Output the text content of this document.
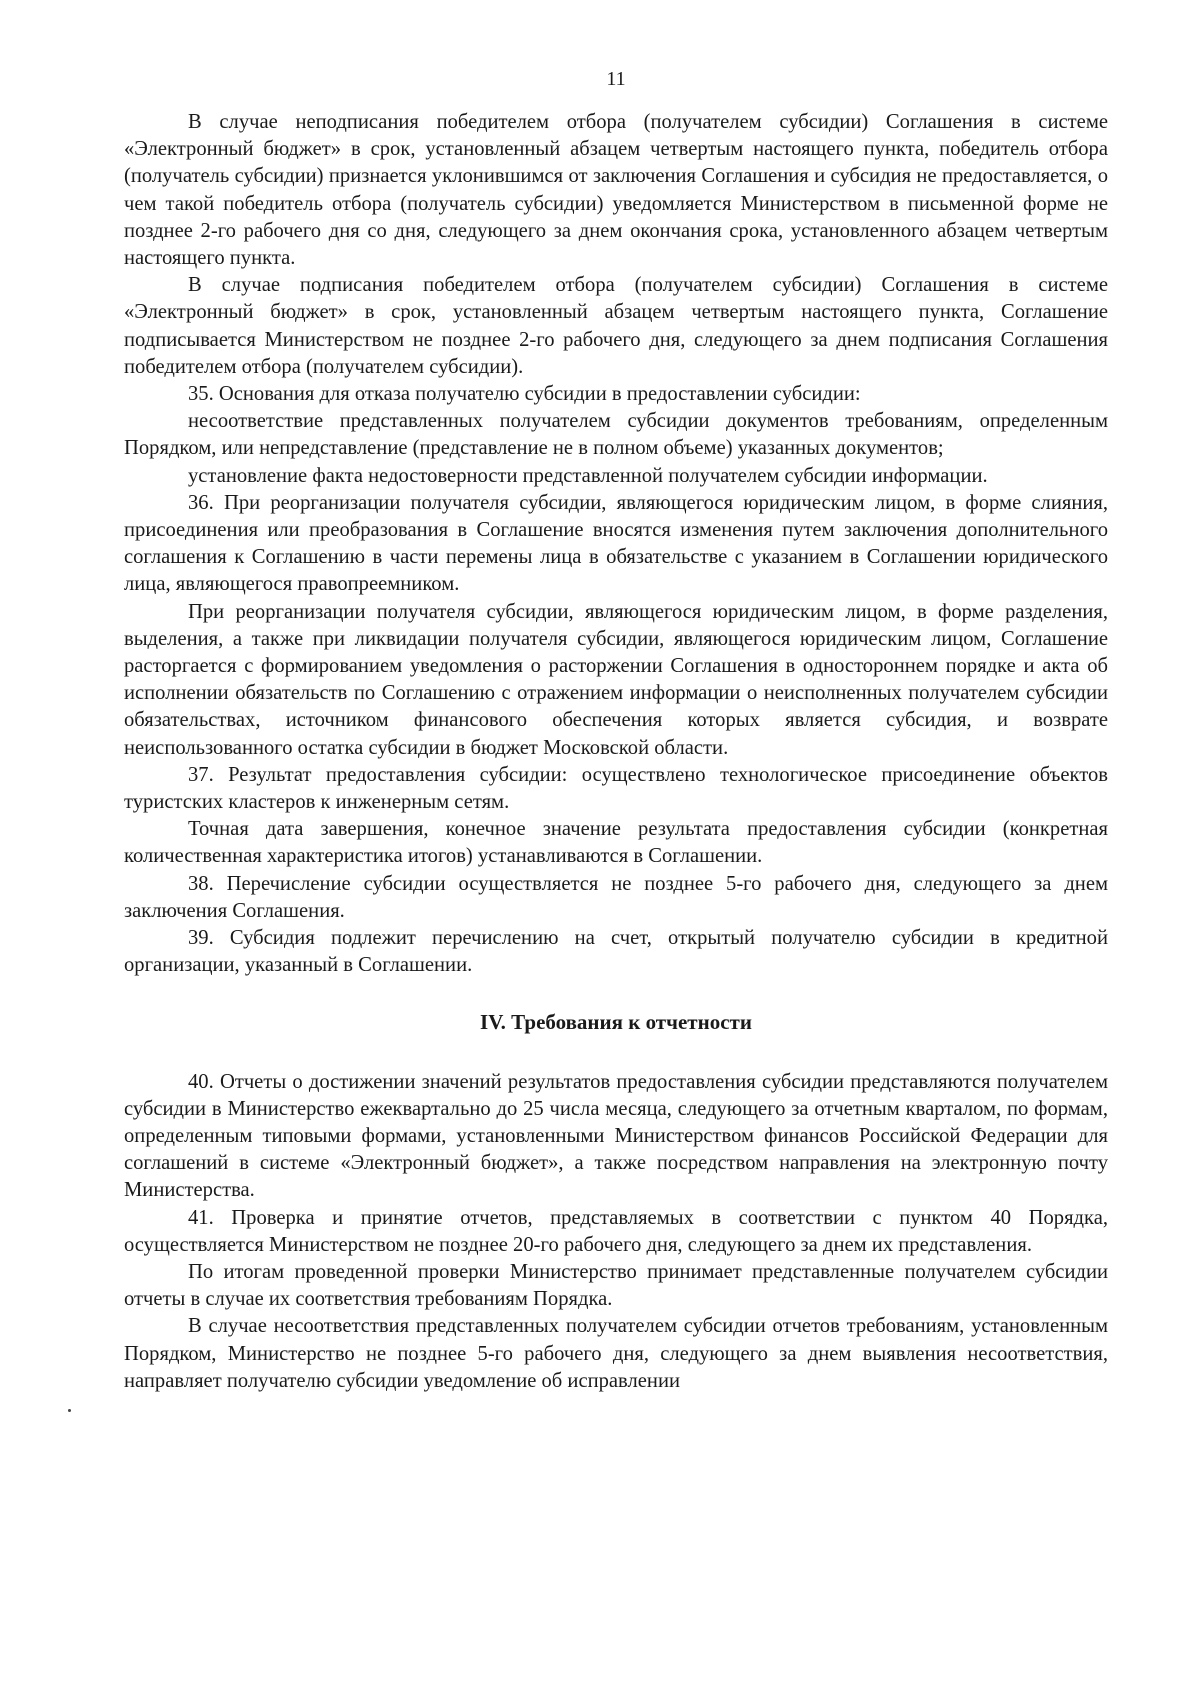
11

В случае неподписания победителем отбора (получателем субсидии) Соглашения в системе «Электронный бюджет» в срок, установленный абзацем четвертым настоящего пункта, победитель отбора (получатель субсидии) признается уклонившимся от заключения Соглашения и субсидия не предоставляется, о чем такой победитель отбора (получатель субсидии) уведомляется Министерством в письменной форме не позднее 2-го рабочего дня со дня, следующего за днем окончания срока, установленного абзацем четвертым настоящего пункта.

В случае подписания победителем отбора (получателем субсидии) Соглашения в системе «Электронный бюджет» в срок, установленный абзацем четвертым настоящего пункта, Соглашение подписывается Министерством не позднее 2-го рабочего дня, следующего за днем подписания Соглашения победителем отбора (получателем субсидии).

35. Основания для отказа получателю субсидии в предоставлении субсидии:

несоответствие представленных получателем субсидии документов требованиям, определенным Порядком, или непредставление (представление не в полном объеме) указанных документов;

установление факта недостоверности представленной получателем субсидии информации.

36. При реорганизации получателя субсидии, являющегося юридическим лицом, в форме слияния, присоединения или преобразования в Соглашение вносятся изменения путем заключения дополнительного соглашения к Соглашению в части перемены лица в обязательстве с указанием в Соглашении юридического лица, являющегося правопреемником.

При реорганизации получателя субсидии, являющегося юридическим лицом, в форме разделения, выделения, а также при ликвидации получателя субсидии, являющегося юридическим лицом, Соглашение расторгается с формированием уведомления о расторжении Соглашения в одностороннем порядке и акта об исполнении обязательств по Соглашению с отражением информации о неисполненных получателем субсидии обязательствах, источником финансового обеспечения которых является субсидия, и возврате неиспользованного остатка субсидии в бюджет Московской области.

37. Результат предоставления субсидии: осуществлено технологическое присоединение объектов туристских кластеров к инженерным сетям.

Точная дата завершения, конечное значение результата предоставления субсидии (конкретная количественная характеристика итогов) устанавливаются в Соглашении.

38. Перечисление субсидии осуществляется не позднее 5-го рабочего дня, следующего за днем заключения Соглашения.

39. Субсидия подлежит перечислению на счет, открытый получателю субсидии в кредитной организации, указанный в Соглашении.

IV. Требования к отчетности

40. Отчеты о достижении значений результатов предоставления субсидии представляются получателем субсидии в Министерство ежеквартально до 25 числа месяца, следующего за отчетным кварталом, по формам, определенным типовыми формами, установленными Министерством финансов Российской Федерации для соглашений в системе «Электронный бюджет», а также посредством направления на электронную почту Министерства.

41. Проверка и принятие отчетов, представляемых в соответствии с пунктом 40 Порядка, осуществляется Министерством не позднее 20-го рабочего дня, следующего за днем их представления.

По итогам проведенной проверки Министерство принимает представленные получателем субсидии отчеты в случае их соответствия требованиям Порядка.

В случае несоответствия представленных получателем субсидии отчетов требованиям, установленным Порядком, Министерство не позднее 5-го рабочего дня, следующего за днем выявления несоответствия, направляет получателю субсидии уведомление об исправлении
